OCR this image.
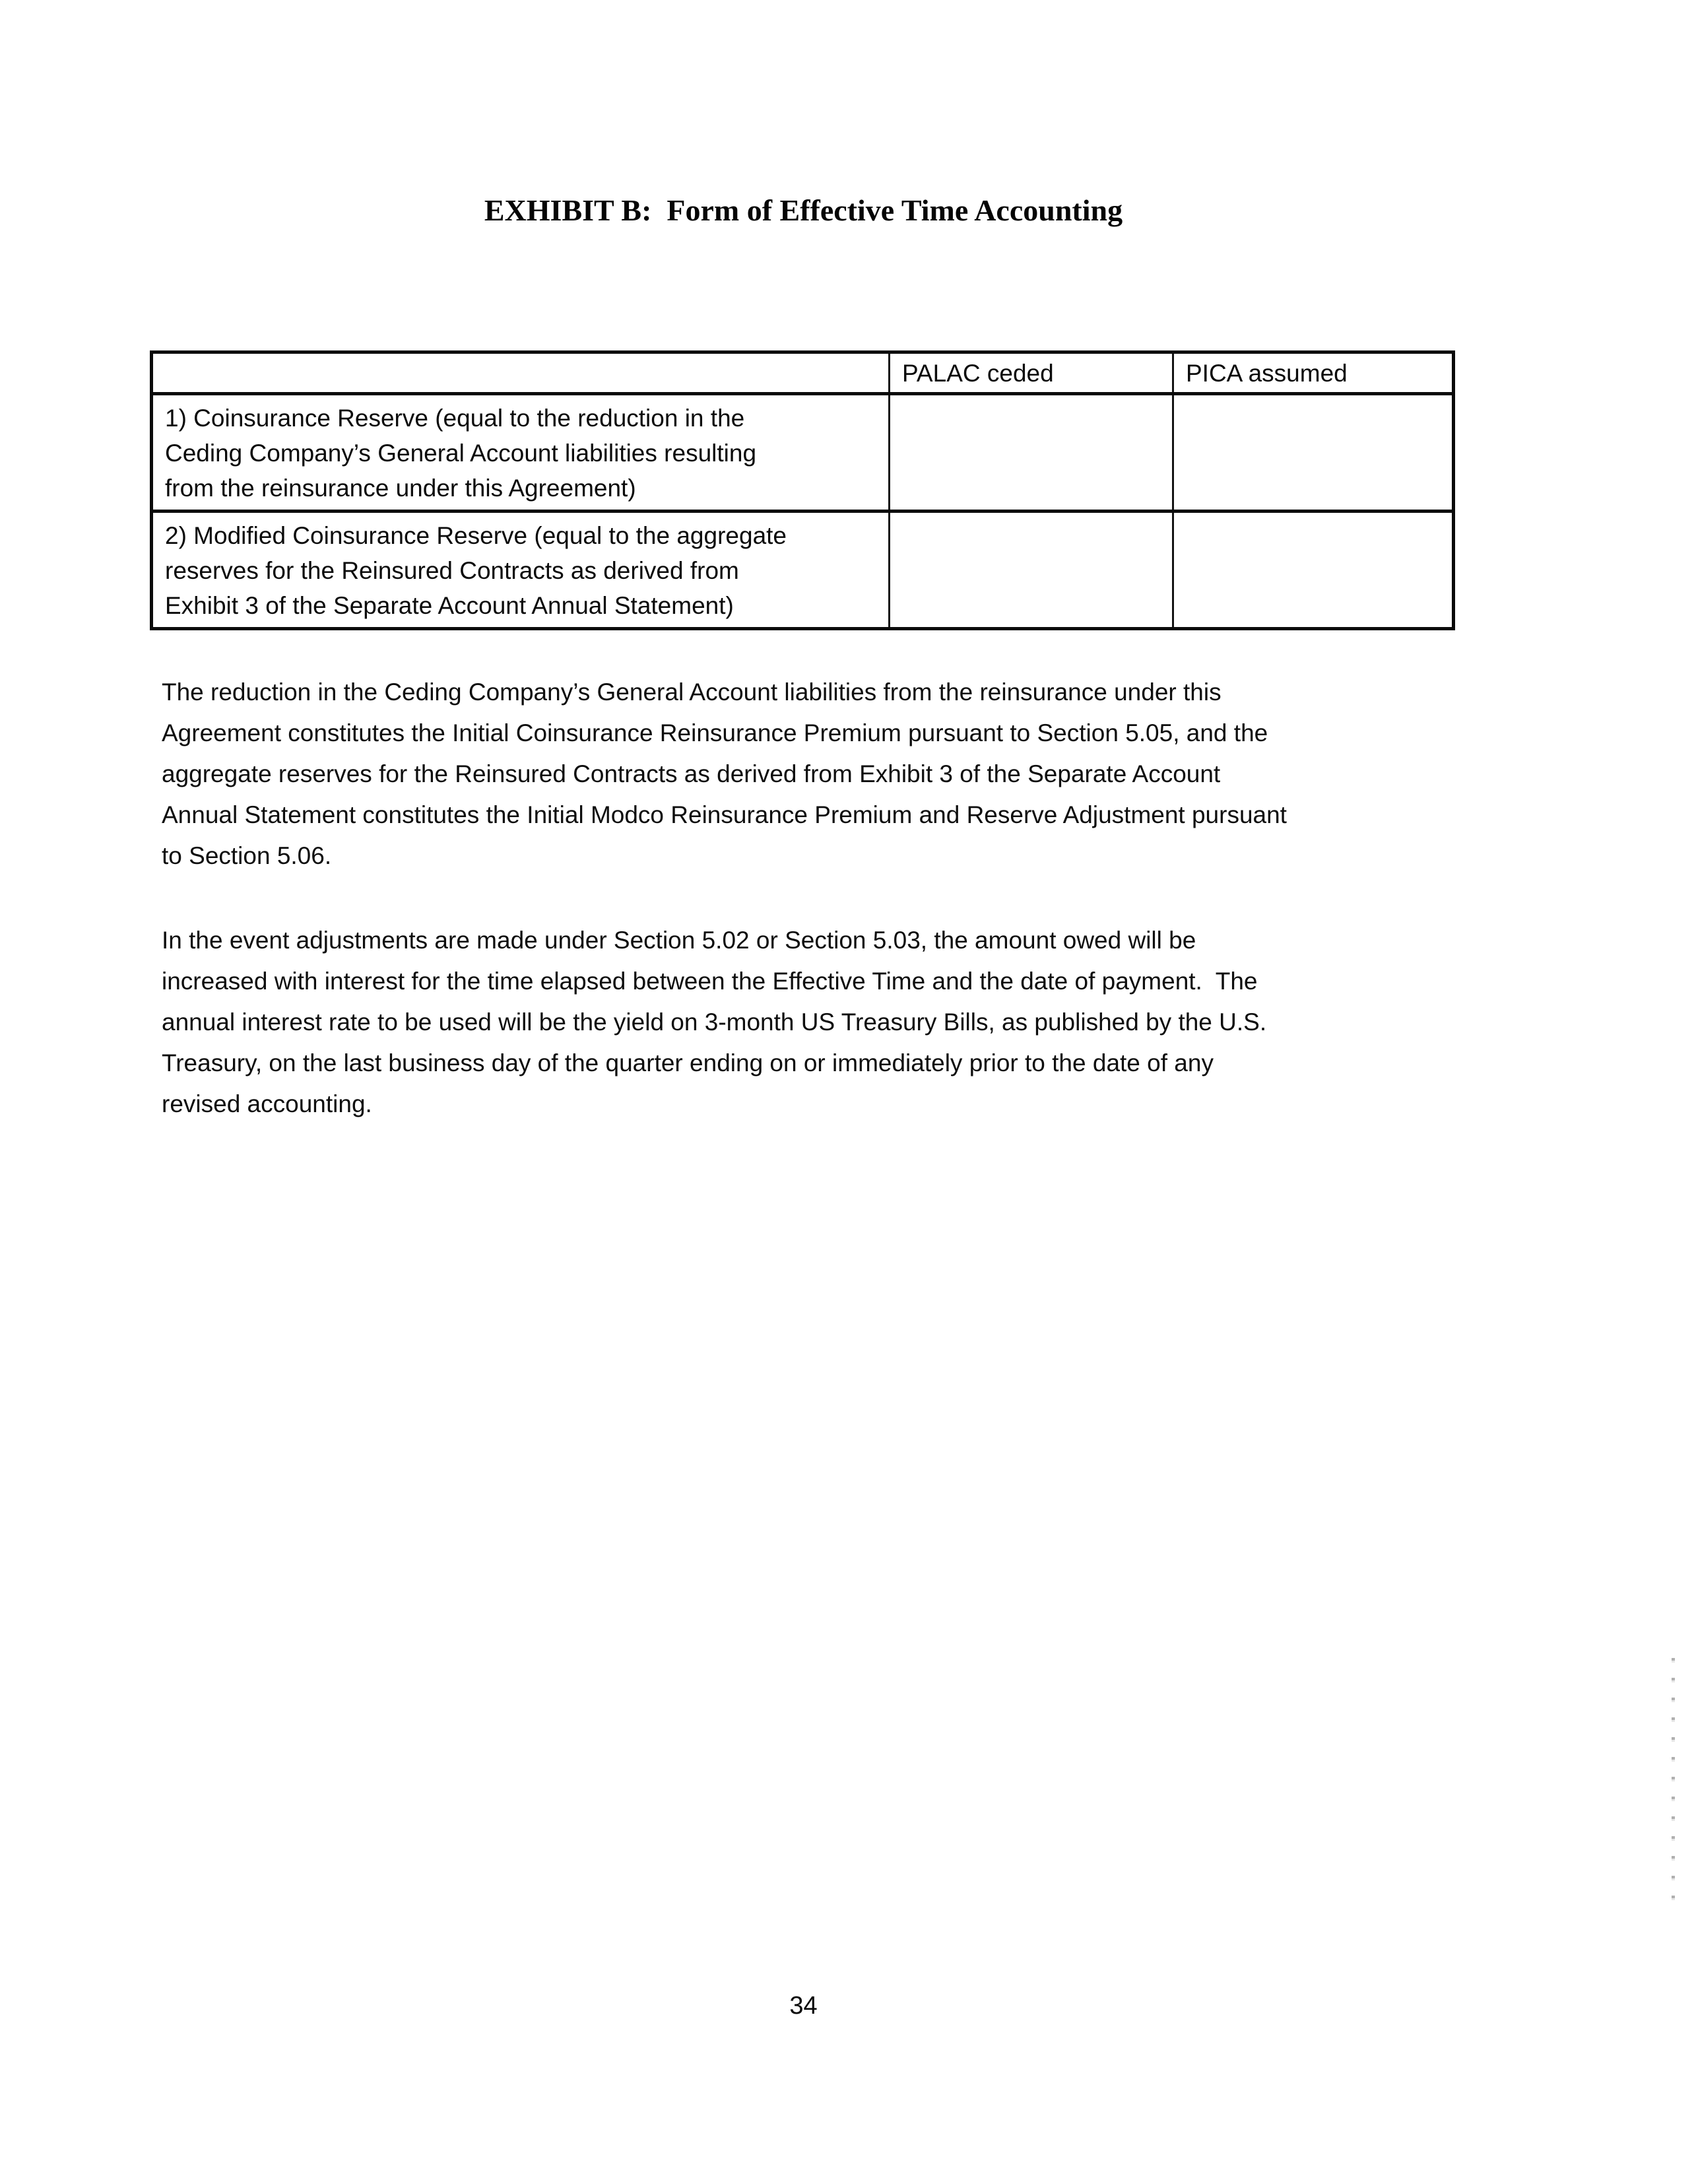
EXHIBIT B:  Form of Effective Time Accounting
	PALAC ceded	PICA assumed
1) Coinsurance Reserve (equal to the reduction in the
Ceding Company’s General Account liabilities resulting
from the reinsurance under this Agreement)		
2) Modified Coinsurance Reserve (equal to the aggregate
reserves for the Reinsured Contracts as derived from
Exhibit 3 of the Separate Account Annual Statement)		
The reduction in the Ceding Company’s General Account liabilities from the reinsurance under this
Agreement constitutes the Initial Coinsurance Reinsurance Premium pursuant to Section 5.05, and the
aggregate reserves for the Reinsured Contracts as derived from Exhibit 3 of the Separate Account
Annual Statement constitutes the Initial Modco Reinsurance Premium and Reserve Adjustment pursuant
to Section 5.06.
In the event adjustments are made under Section 5.02 or Section 5.03, the amount owed will be
increased with interest for the time elapsed between the Effective Time and the date of payment.  The
annual interest rate to be used will be the yield on 3-month US Treasury Bills, as published by the U.S.
Treasury, on the last business day of the quarter ending on or immediately prior to the date of any
revised accounting.
34
